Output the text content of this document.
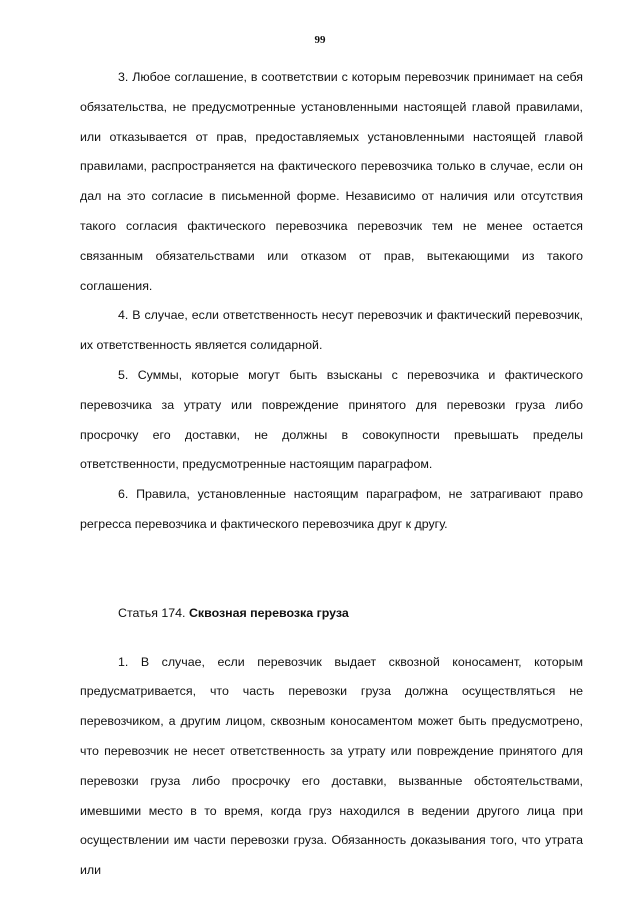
99

3. Любое соглашение, в соответствии с которым перевозчик принимает на себя обязательства, не предусмотренные установленными настоящей главой правилами, или отказывается от прав, предоставляемых установленными настоящей главой правилами, распространяется на фактического перевозчика только в случае, если он дал на это согласие в письменной форме. Независимо от наличия или отсутствия такого согласия фактического перевозчика перевозчик тем не менее остается связанным обязательствами или отказом от прав, вытекающими из такого соглашения.

4. В случае, если ответственность несут перевозчик и фактический перевозчик, их ответственность является солидарной.

5. Суммы, которые могут быть взысканы с перевозчика и фактического перевозчика за утрату или повреждение принятого для перевозки груза либо просрочку его доставки, не должны в совокупности превышать пределы ответственности, предусмотренные настоящим параграфом.

6. Правила, установленные настоящим параграфом, не затрагивают право регресса перевозчика и фактического перевозчика друг к другу.

Статья 174. Сквозная перевозка груза

1. В случае, если перевозчик выдает сквозной коносамент, которым предусматривается, что часть перевозки груза должна осуществляться не перевозчиком, а другим лицом, сквозным коносаментом может быть предусмотрено, что перевозчик не несет ответственность за утрату или повреждение принятого для перевозки груза либо просрочку его доставки, вызванные обстоятельствами, имевшими место в то время, когда груз находился в ведении другого лица при осуществлении им части перевозки груза. Обязанность доказывания того, что утрата или
